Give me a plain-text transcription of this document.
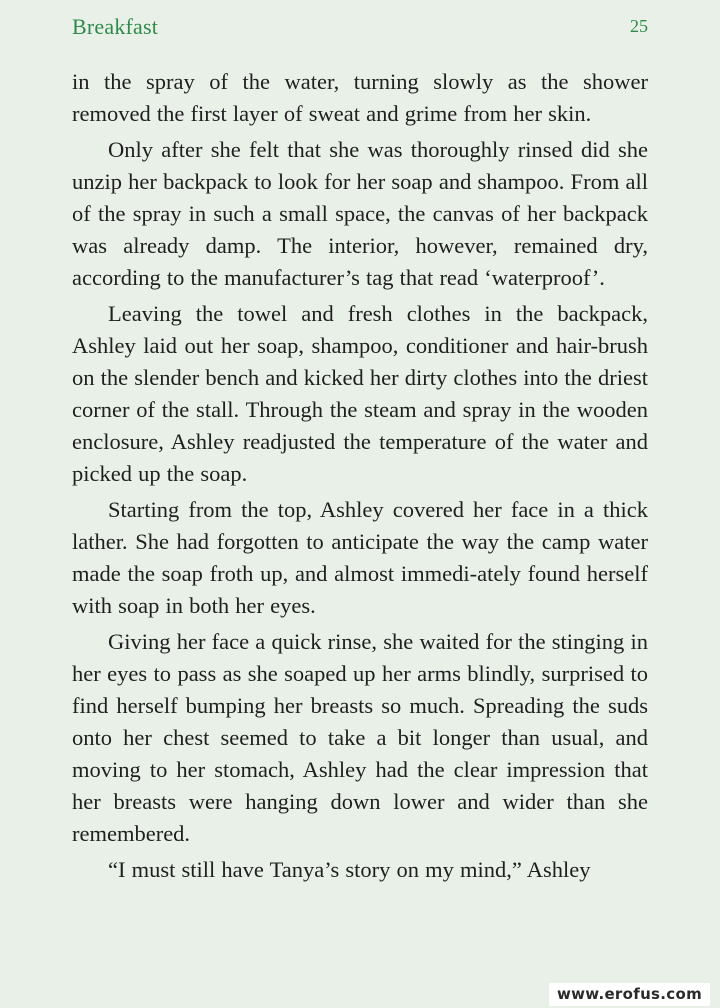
Breakfast	25

in the spray of the water, turning slowly as the shower removed the first layer of sweat and grime from her skin.

Only after she felt that she was thoroughly rinsed did she unzip her backpack to look for her soap and shampoo. From all of the spray in such a small space, the canvas of her backpack was already damp. The interior, however, remained dry, according to the manufacturer’s tag that read ‘waterproof’.

Leaving the towel and fresh clothes in the backpack, Ashley laid out her soap, shampoo, conditioner and hair-brush on the slender bench and kicked her dirty clothes into the driest corner of the stall. Through the steam and spray in the wooden enclosure, Ashley readjusted the temperature of the water and picked up the soap.

Starting from the top, Ashley covered her face in a thick lather. She had forgotten to anticipate the way the camp water made the soap froth up, and almost immedi-ately found herself with soap in both her eyes.

Giving her face a quick rinse, she waited for the stinging in her eyes to pass as she soaped up her arms blindly, surprised to find herself bumping her breasts so much. Spreading the suds onto her chest seemed to take a bit longer than usual, and moving to her stomach, Ashley had the clear impression that her breasts were hanging down lower and wider than she remembered.

“I must still have Tanya’s story on my mind,” Ashley

www.erofus.com
